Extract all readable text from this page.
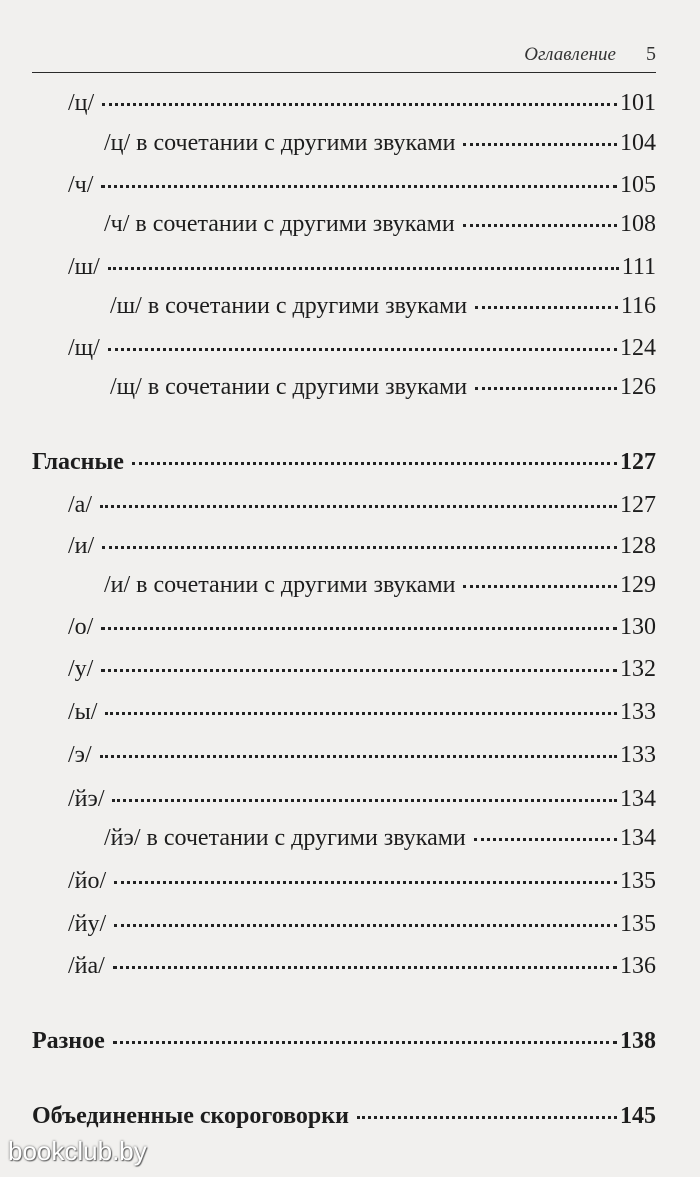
Оглавление 5
/ц/	101
/ц/ в сочетании с другими звуками	104
/ч/	105
/ч/ в сочетании с другими звуками	108
/ш/	111
/ш/ в сочетании с другими звуками	116
/щ/	124
/щ/ в сочетании с другими звуками	126
Гласные	127
/а/	127
/и/	128
/и/ в сочетании с другими звуками	129
/о/	130
/у/	132
/ы/	133
/э/	133
/йэ/	134
/йэ/ в сочетании с другими звуками	134
/йо/	135
/йу/	135
/йа/	136
Разное	138
Объединенные скороговорки	145
bookclub.by
